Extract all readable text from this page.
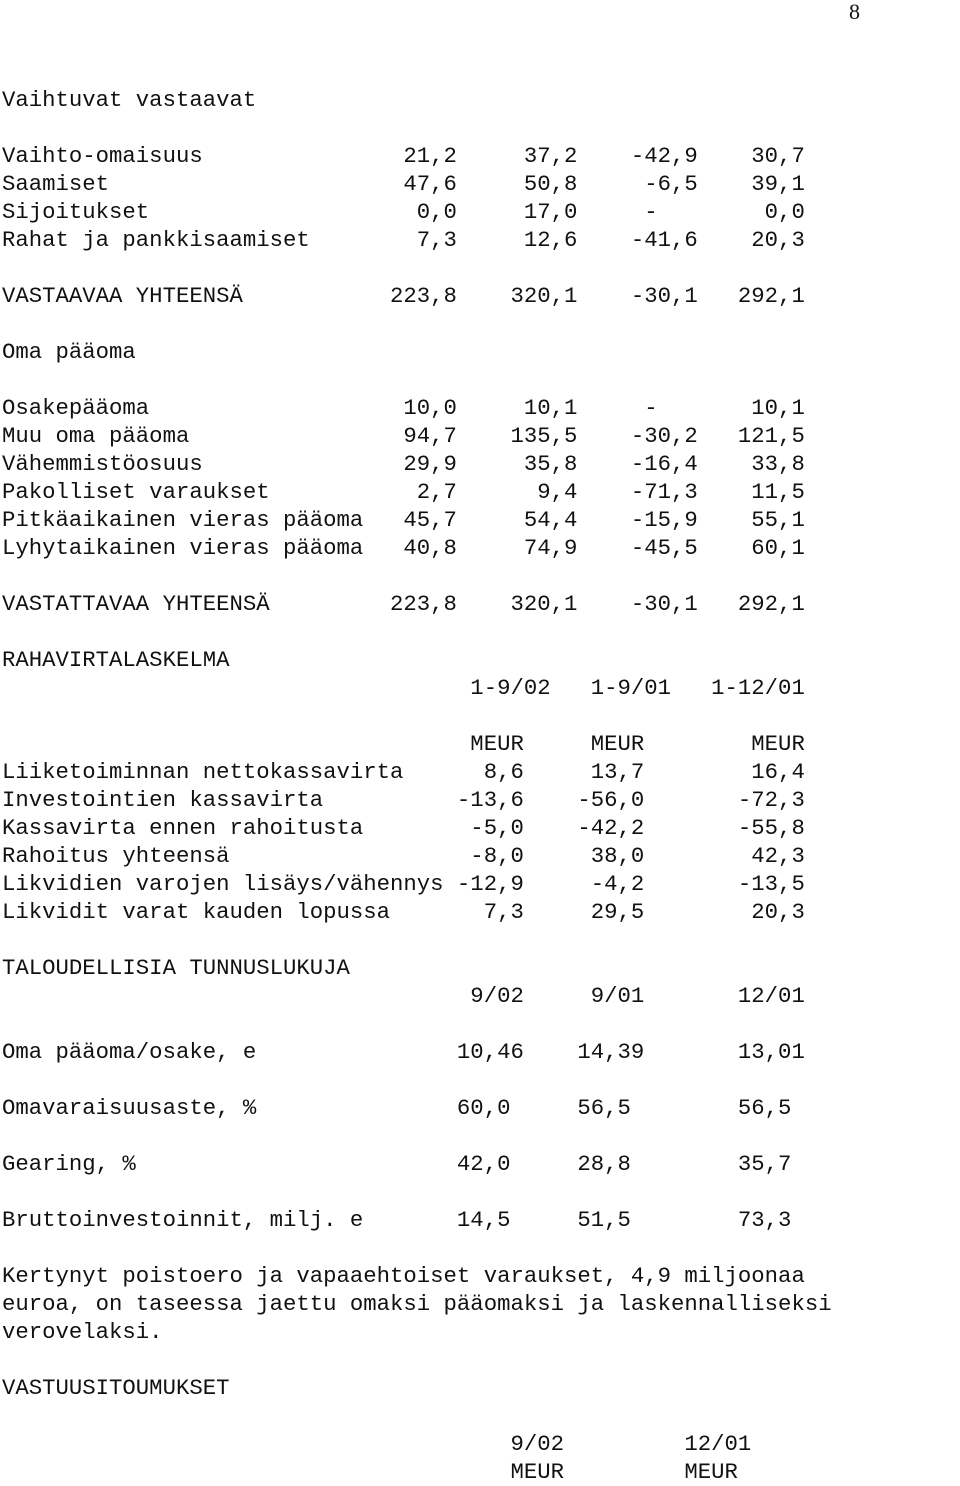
8

Vaihtuvat vastaavat

Vaihto-omaisuus               21,2     37,2    -42,9    30,7

Saamiset                      47,6     50,8     -6,5    39,1

Sijoitukset                    0,0     17,0     -        0,0

Rahat ja pankkisaamiset        7,3     12,6    -41,6    20,3

VASTAAVAA YHTEENSÄ           223,8    320,1    -30,1   292,1

Oma pääoma

Osakepääoma                   10,0     10,1     -       10,1

Muu oma pääoma                94,7    135,5    -30,2   121,5

Vähemmistöosuus               29,9     35,8    -16,4    33,8

Pakolliset varaukset           2,7      9,4    -71,3    11,5

Pitkäaikainen vieras pääoma   45,7     54,4    -15,9    55,1

Lyhytaikainen vieras pääoma   40,8     74,9    -45,5    60,1

VASTATTAVAA YHTEENSÄ         223,8    320,1    -30,1   292,1

RAHAVIRTALASKELMA

1-9/02   1-9/01   1-12/01

MEUR     MEUR        MEUR

Liiketoiminnan nettokassavirta      8,6     13,7        16,4

Investointien kassavirta          -13,6    -56,0       -72,3

Kassavirta ennen rahoitusta        -5,0    -42,2       -55,8

Rahoitus yhteensä                  -8,0     38,0        42,3

Likvidien varojen lisäys/vähennys -12,9     -4,2       -13,5

Likvidit varat kauden lopussa       7,3     29,5        20,3

TALOUDELLISIA TUNNUSLUKUJA

9/02     9/01       12/01

Oma pääoma/osake, e               10,46    14,39       13,01

Omavaraisuusaste, %               60,0     56,5        56,5

Gearing, %                        42,0     28,8        35,7

Bruttoinvestoinnit, milj. e       14,5     51,5        73,3

Kertynyt poistoero ja vapaaehtoiset varaukset, 4,9 miljoonaa

euroa, on taseessa jaettu omaksi pääomaksi ja laskennalliseksi

verovelaksi.

VASTUUSITOUMUKSET

9/02         12/01

MEUR         MEUR
